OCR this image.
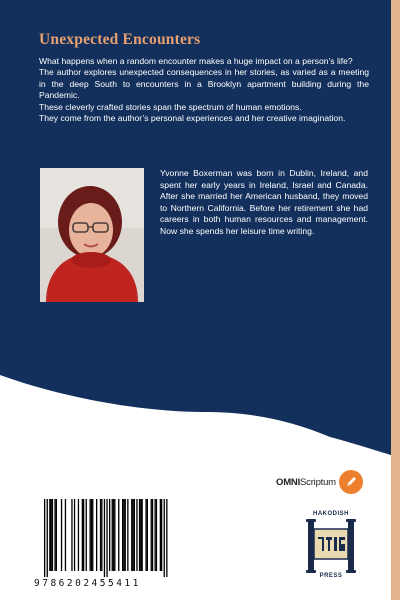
Unexpected Encounters

What happens when a random encounter makes a huge impact on a person’s life?

The author explores unexpected consequences in her stories, as varied as a meeting in the deep South to encounters in a Brooklyn apartment building during the Pandemic.

These cleverly crafted stories span the spectrum of human emotions.

They come from the author’s personal experiences and her creative imagination.

Yvonne Boxerman was born in Dublin, Ireland, and spent her early years in Ireland, Israel and Canada. After she married her American husband, they moved to Northern California. Before her retirement she had careers in both human resources and management. Now she spends her leisure time writing.

OMNIScriptum
9786202455411
HAKODISH
PRESS
